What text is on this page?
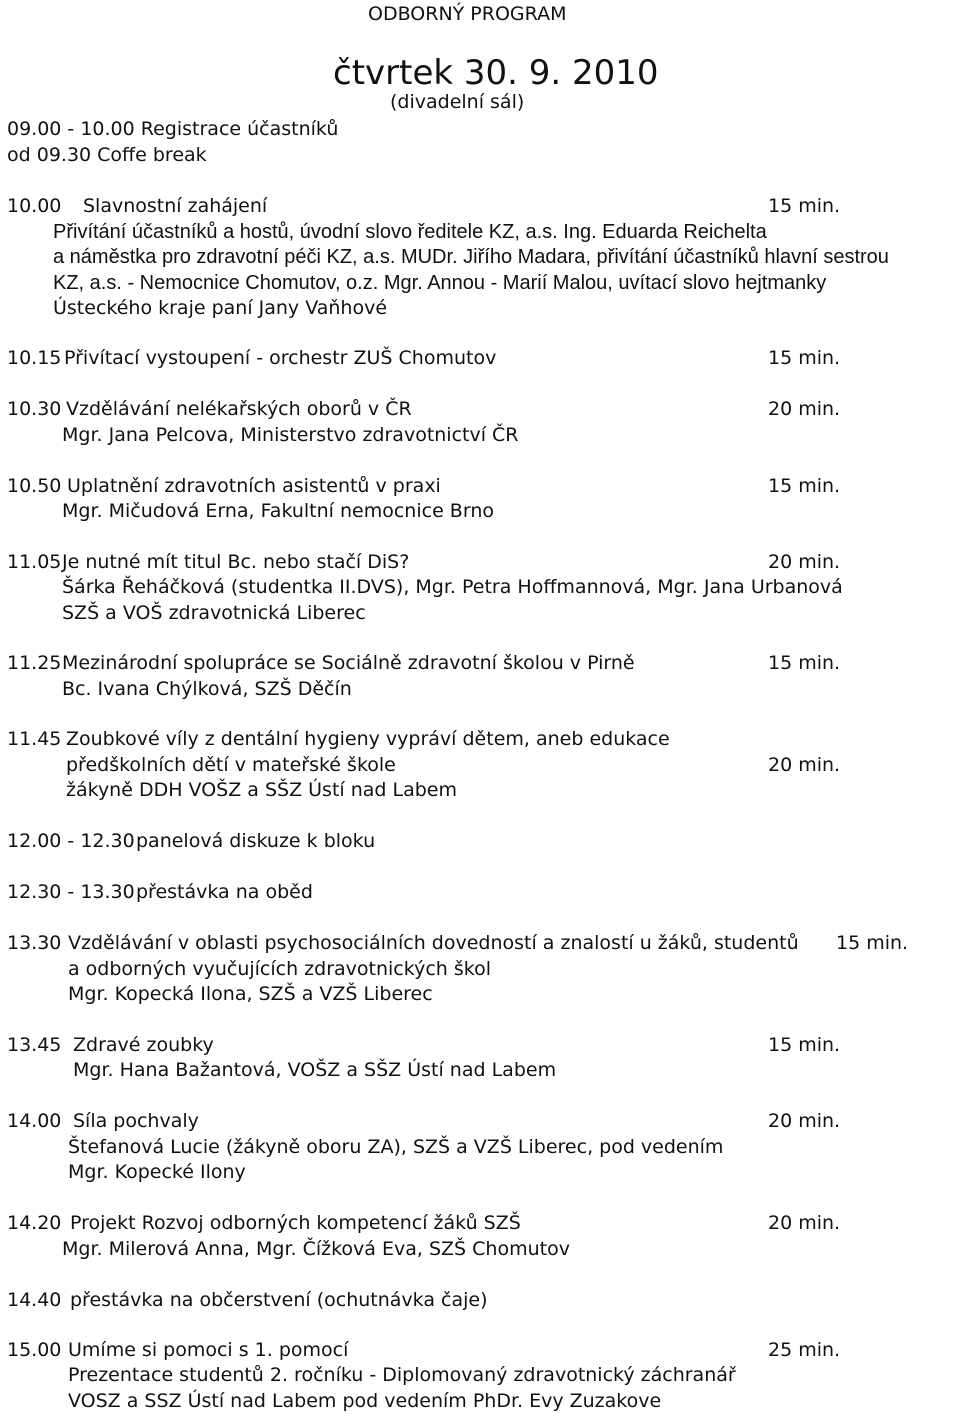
ODBORNÝ PROGRAM
čtvrtek 30. 9. 2010
(divadelní sál)
09.00 - 10.00 Registrace účastníků
od 09.30 Coffe break
10.00 Slavnostní zahájení	15 min.
Přivítání účastníků a hostů, úvodní slovo ředitele KZ, a.s. Ing. Eduarda Reichelta
a náměstka pro zdravotní péči KZ, a.s. MUDr. Jiřího Madara, přivítání účastníků hlavní sestrou
KZ, a.s. - Nemocnice Chomutov, o.z. Mgr. Annou - Marií Malou, uvítací slovo hejtmanky
Ústeckého kraje paní Jany Vaňhové
10.15 Přivítací vystoupení - orchestr ZUŠ Chomutov	15 min.
10.30 Vzdělávání nelékařských oborů v ČR	20 min.
Mgr. Jana Pelcova, Ministerstvo zdravotnictví ČR
10.50 Uplatnění zdravotních asistentů v praxi	15 min.
Mgr. Mičudová Erna, Fakultní nemocnice Brno
11.05 Je nutné mít titul Bc. nebo stačí DiS?	20 min.
Šárka Řeháčková (studentka II.DVS), Mgr. Petra Hoffmannová, Mgr. Jana Urbanová
SZŠ a VOŠ zdravotnická Liberec
11.25 Mezinárodní spolupráce se Sociálně zdravotní školou v Pirně	15 min.
Bc. Ivana Chýlková, SZŠ Děčín
11.45 Zoubkové víly z dentální hygieny vypráví dětem, aneb edukace
předškolních dětí v mateřské škole	20 min.
žákyně DDH VOŠZ a SŠZ Ústí nad Labem
12.00 - 12.30 panelová diskuze k bloku
12.30 - 13.30 přestávka na oběd
13.30 Vzdělávání v oblasti psychosociálních dovedností a znalostí u žáků, studentů 15 min.
a odborných vyučujících zdravotnických škol
Mgr. Kopecká Ilona, SZŠ a VZŠ Liberec
13.45 Zdravé zoubky	15 min.
Mgr. Hana Bažantová, VOŠZ a SŠZ Ústí nad Labem
14.00 Síla pochvaly	20 min.
Štefanová Lucie (žákyně oboru ZA), SZŠ a VZŠ Liberec, pod vedením
Mgr. Kopecké Ilony
14.20 Projekt Rozvoj odborných kompetencí žáků SZŠ	20 min.
Mgr. Milerová Anna, Mgr. Čížková Eva, SZŠ Chomutov
14.40 přestávka na občerstvení (ochutnávka čaje)
15.00 Umíme si pomoci s 1. pomocí	25 min.
Prezentace studentů 2. ročníku - Diplomovaný zdravotnický záchranář
VOSZ a SSZ Ústí nad Labem pod vedením PhDr. Evy Zuzakove
